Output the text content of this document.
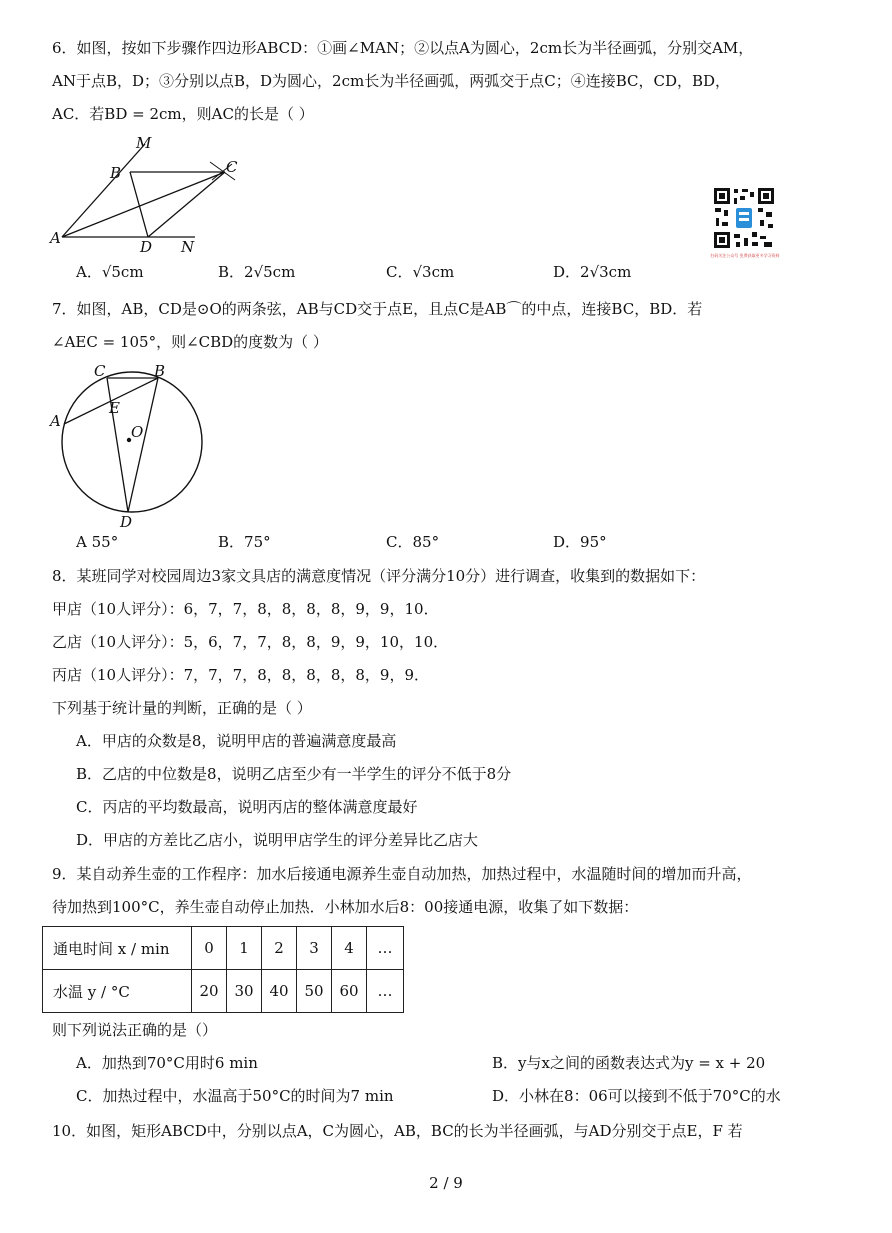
6．如图，按如下步骤作四边形ABCD：①画∠MAN；②以点A为圆心，2cm长为半径画弧，分别交AM，
AN于点B，D；③分别以点B，D为圆心，2cm长为半径画弧，两弧交于点C；④连接BC，CD，BD，
AC．若BD = 2cm，则AC的长是（ ）
M
B	C
A	D N	扫码关注公众号 免费获取更多学习资料
A．√5cm	B．2√5cm	C．√3cm	D．2√3cm
7．如图，AB，CD是⊙O的两条弦，AB与CD交于点E，且点C是AB⌒的中点，连接BC，BD．若
∠AEC = 105°，则∠CBD的度数为（ ）
C	B
A
E
O
D
A 55°	B．75°	C．85°	D．95°
8．某班同学对校园周边3家文具店的满意度情况（评分满分10分）进行调查，收集到的数据如下：
甲店（10人评分）：6，7，7，8，8，8，8，9，9，10．
乙店（10人评分）：5，6，7，7，8，8，9，9，10，10．
丙店（10人评分）：7，7，7，8，8，8，8，8，9，9．
下列基于统计量的判断，正确的是（ ）
A．甲店的众数是8，说明甲店的普遍满意度最高
B．乙店的中位数是8，说明乙店至少有一半学生的评分不低于8分
C．丙店的平均数最高，说明丙店的整体满意度最好
D．甲店的方差比乙店小，说明甲店学生的评分差异比乙店大
9．某自动养生壶的工作程序：加水后接通电源养生壶自动加热，加热过程中，水温随时间的增加而升高，
待加热到100°C，养生壶自动停止加热．小林加水后8：00接通电源，收集了如下数据：
通电时间 x / min	0	1	2	3	4	…
水温 y / °C	20	30	40	50	60	…
则下列说法正确的是（）
A．加热到70°C用时6 min	B．y与x之间的函数表达式为y = x + 20
C．加热过程中，水温高于50°C的时间为7 min	D．小林在8：06可以接到不低于70°C的水
10．如图，矩形ABCD中，分别以点A，C为圆心，AB，BC的长为半径画弧，与AD分别交于点E，F 若
2 / 9
